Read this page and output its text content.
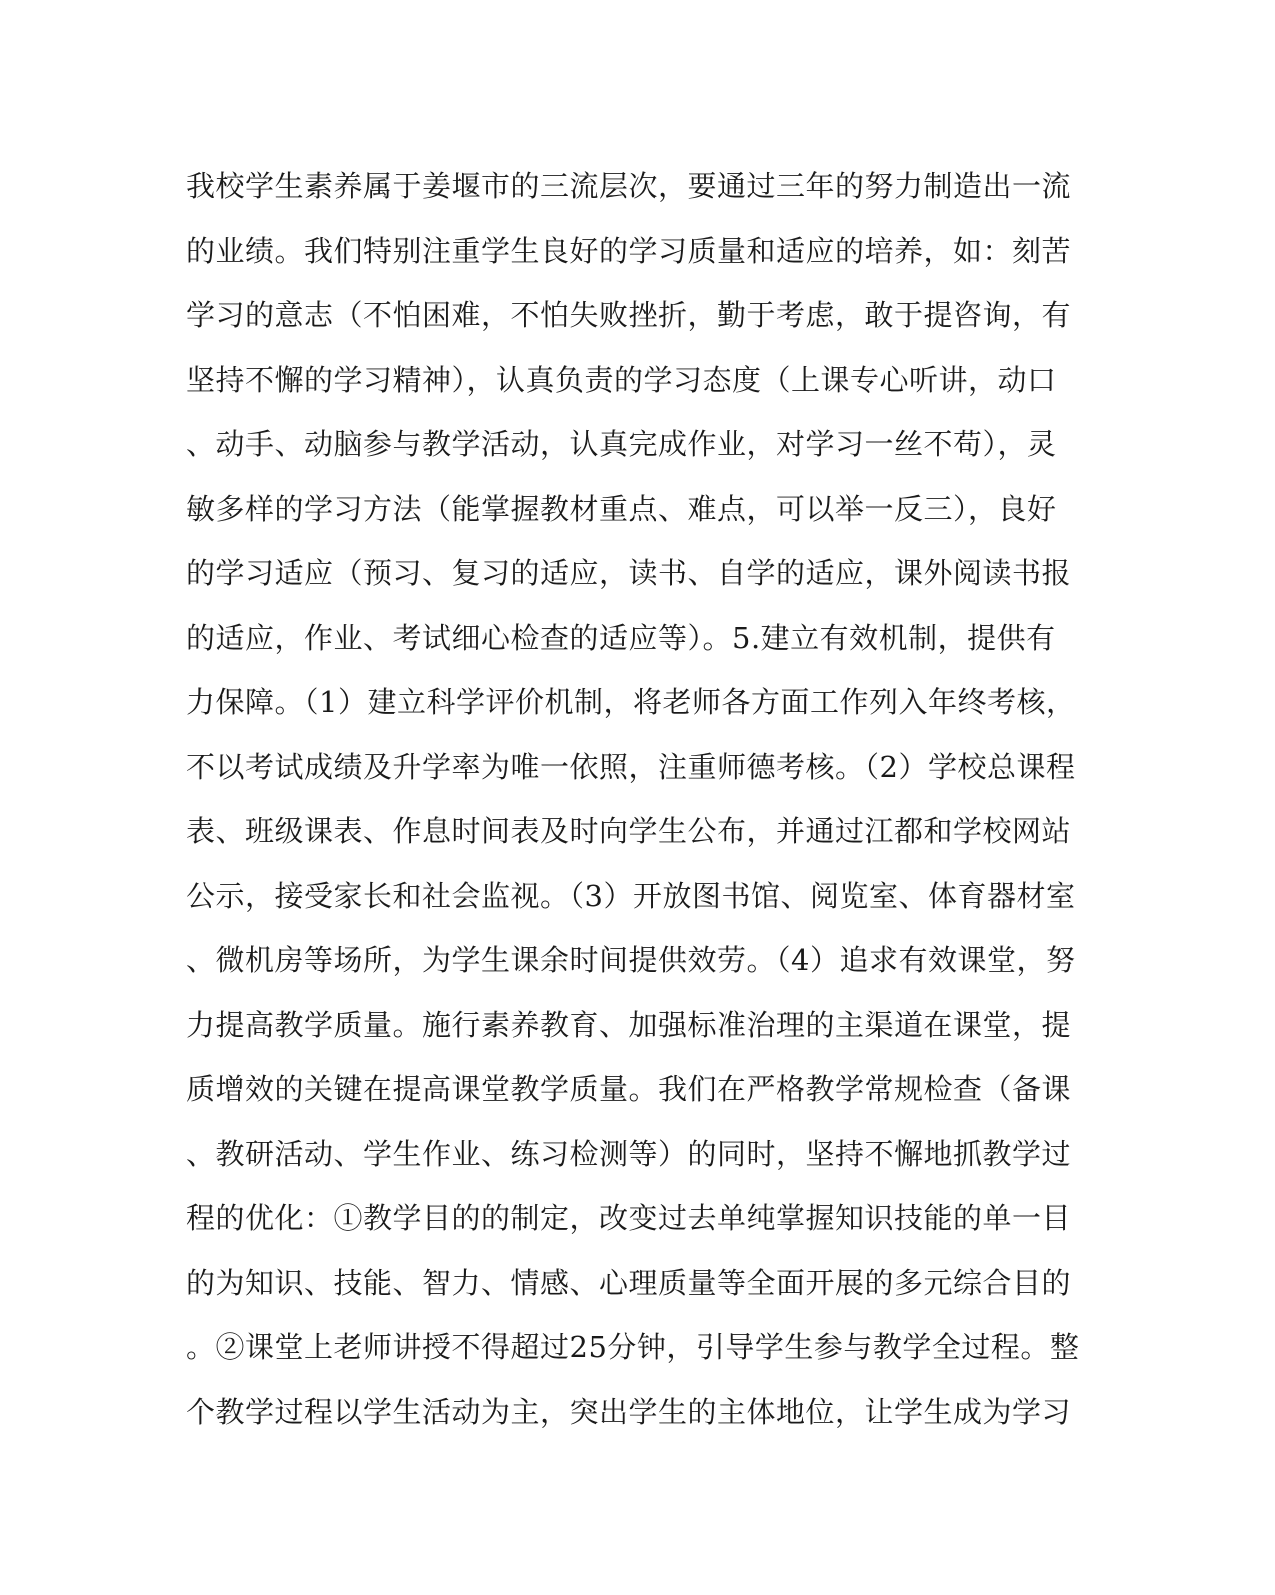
我校学生素养属于姜堰市的三流层次，要通过三年的努力制造出一流
的业绩。我们特别注重学生良好的学习质量和适应的培养，如：刻苦
学习的意志（不怕困难，不怕失败挫折，勤于考虑，敢于提咨询，有
坚持不懈的学习精神），认真负责的学习态度（上课专心听讲，动口
、动手、动脑参与教学活动，认真完成作业，对学习一丝不苟），灵
敏多样的学习方法（能掌握教材重点、难点，可以举一反三），良好
的学习适应（预习、复习的适应，读书、自学的适应，课外阅读书报
的适应，作业、考试细心检查的适应等）。5.建立有效机制，提供有
力保障。（1）建立科学评价机制，将老师各方面工作列入年终考核，
不以考试成绩及升学率为唯一依照，注重师德考核。（2）学校总课程
表、班级课表、作息时间表及时向学生公布，并通过江都和学校网站
公示，接受家长和社会监视。（3）开放图书馆、阅览室、体育器材室
、微机房等场所，为学生课余时间提供效劳。（4）追求有效课堂，努
力提高教学质量。施行素养教育、加强标准治理的主渠道在课堂，提
质增效的关键在提高课堂教学质量。我们在严格教学常规检查（备课
、教研活动、学生作业、练习检测等）的同时，坚持不懈地抓教学过
程的优化：①教学目的的制定，改变过去单纯掌握知识技能的单一目
的为知识、技能、智力、情感、心理质量等全面开展的多元综合目的
。②课堂上老师讲授不得超过25分钟，引导学生参与教学全过程。整
个教学过程以学生活动为主，突出学生的主体地位，让学生成为学习
